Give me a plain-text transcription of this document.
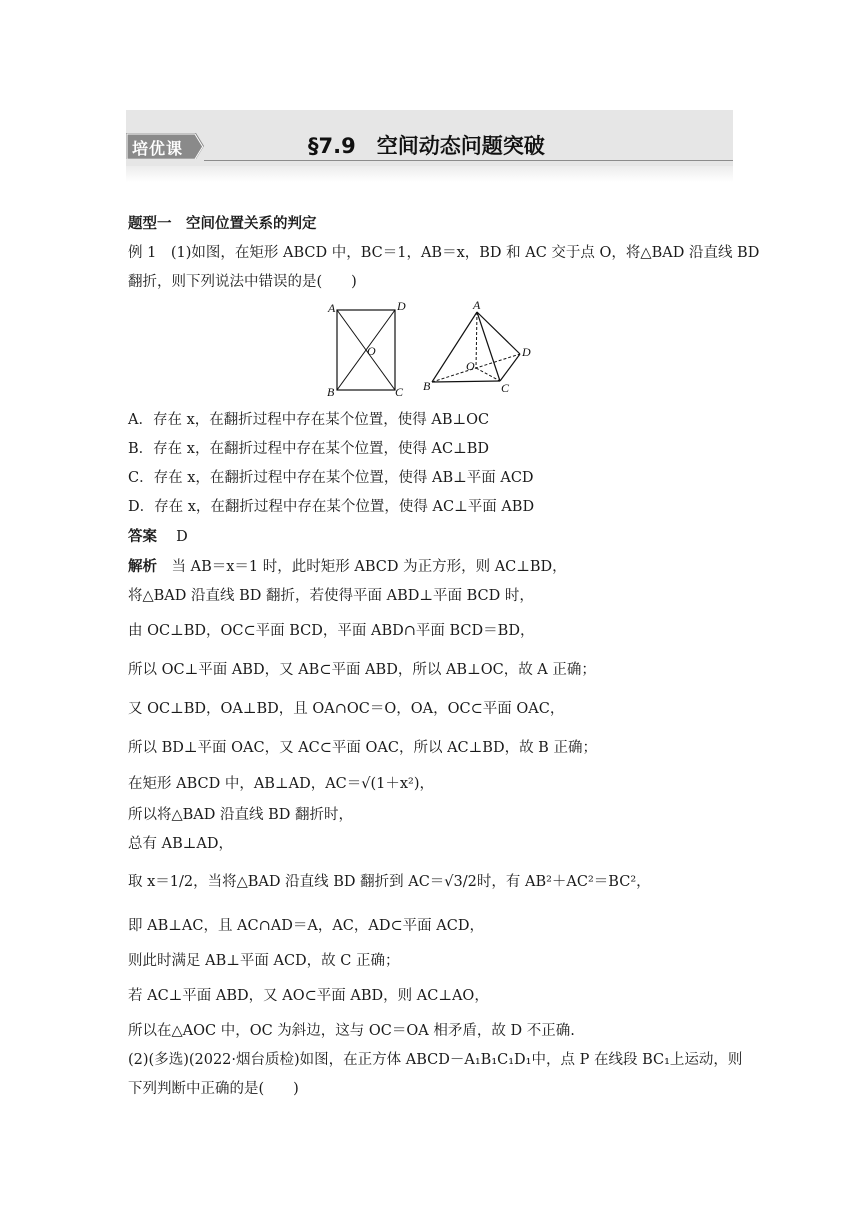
培优课	§7.9　空间动态问题突破
题型一　空间位置关系的判定
例 1　(1)如图，在矩形 ABCD 中，BC＝1，AB＝x，BD 和 AC 交于点 O，将△BAD 沿直线 BD
翻折，则下列说法中错误的是(　　)
A	D
O
B	C
A
D
O
B	C
A．存在 x，在翻折过程中存在某个位置，使得 AB⊥OC
B．存在 x，在翻折过程中存在某个位置，使得 AC⊥BD
C．存在 x，在翻折过程中存在某个位置，使得 AB⊥平面 ACD
D．存在 x，在翻折过程中存在某个位置，使得 AC⊥平面 ABD
答案　 D
解析　 当 AB＝x＝1 时，此时矩形 ABCD 为正方形，则 AC⊥BD，
将△BAD 沿直线 BD 翻折，若使得平面 ABD⊥平面 BCD 时，
由 OC⊥BD，OC⊂平面 BCD，平面 ABD∩平面 BCD＝BD，
所以 OC⊥平面 ABD，又 AB⊂平面 ABD，所以 AB⊥OC，故 A 正确；
又 OC⊥BD，OA⊥BD，且 OA∩OC＝O，OA，OC⊂平面 OAC，
所以 BD⊥平面 OAC，又 AC⊂平面 OAC，所以 AC⊥BD，故 B 正确；
在矩形 ABCD 中，AB⊥AD，AC＝√(1＋x²)，
所以将△BAD 沿直线 BD 翻折时，
总有 AB⊥AD，
取 x＝1/2，当将△BAD 沿直线 BD 翻折到 AC＝√3/2时，有 AB²＋AC²＝BC²，
即 AB⊥AC，且 AC∩AD＝A，AC，AD⊂平面 ACD，
则此时满足 AB⊥平面 ACD，故 C 正确；
若 AC⊥平面 ABD，又 AO⊂平面 ABD，则 AC⊥AO，
所以在△AOC 中，OC 为斜边，这与 OC＝OA 相矛盾，故 D 不正确.
(2)(多选)(2022·烟台质检)如图，在正方体 ABCD－A₁B₁C₁D₁中，点 P 在线段 BC₁上运动，则
下列判断中正确的是(　　)
